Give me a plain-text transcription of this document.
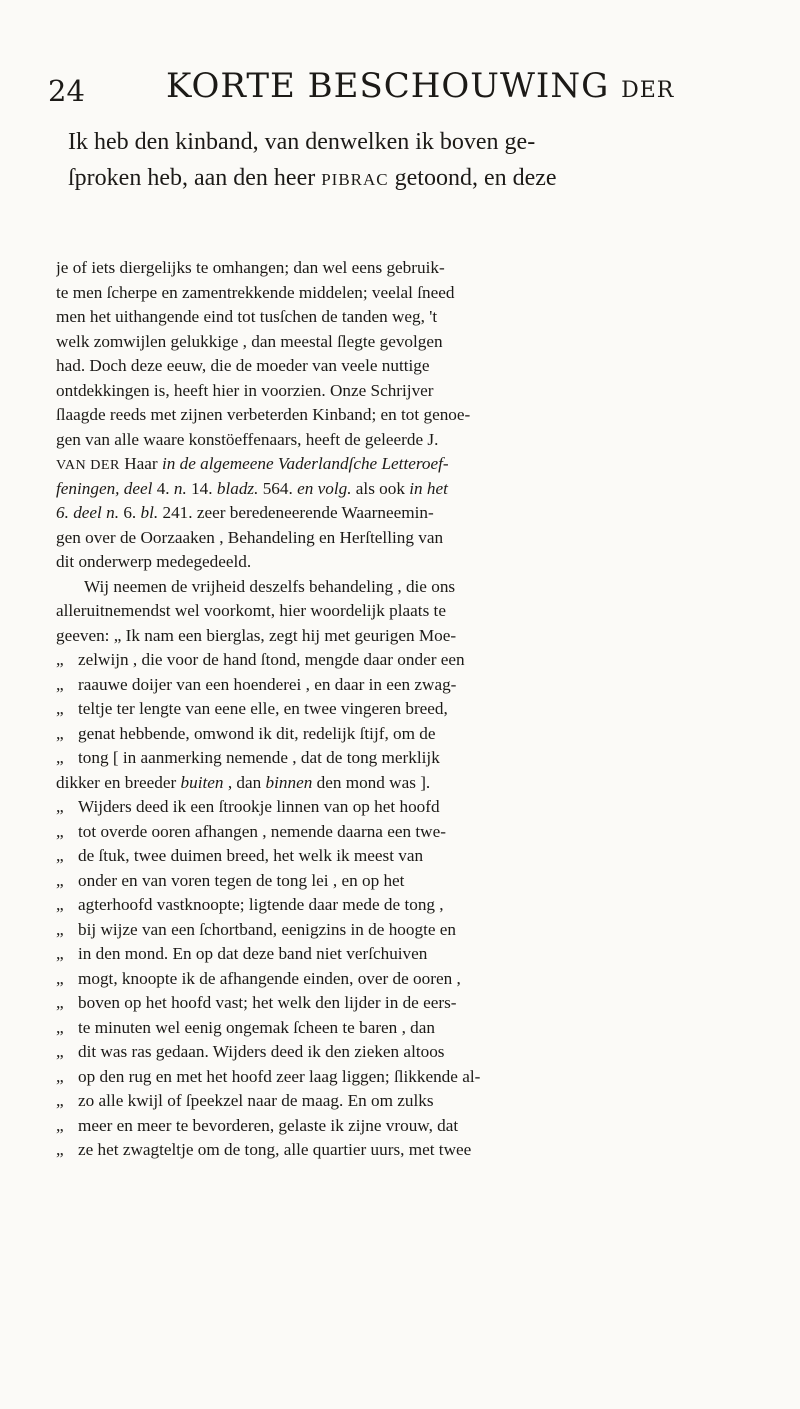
24 KORTE BESCHOUWING DER
Ik heb den kinband, van denwelken ik boven ge-
ſproken heb, aan den heer PIBRAC getoond, en deze
je of iets diergelijks te omhangen; dan wel eens gebruik-
te men ſcherpe en zamentrekkende middelen; veelal ſneed
men het uithangende eind tot tusſchen de tanden weg, 't
welk zomwijlen gelukkige , dan meestal ſlegte gevolgen
had. Doch deze eeuw, die de moeder van veele nuttige
ontdekkingen is, heeft hier in voorzien. Onze Schrijver
ſlaagde reeds met zijnen verbeterden Kinband; en tot genoe-
gen van alle waare konstöeffenaars, heeft de geleerde J.
VAN DER Haar in de algemeene Vaderlandſche Letteroef-
feningen, deel 4. n. 14. bladz. 564. en volg. als ook in het
6. deel n. 6. bl. 241. zeer beredeneerende Waarneemin-
gen over de Oorzaaken , Behandeling en Herſtelling van
dit onderwerp medegedeeld.
Wij neemen de vrijheid deszelfs behandeling , die ons
alleruitnemendst wel voorkomt, hier woordelijk plaats te
geeven: „ Ik nam een bierglas, zegt hij met geurigen Moe-
„ zelwijn , die voor de hand ſtond, mengde daar onder een
„ raauwe doijer van een hoenderei , en daar in een zwag-
„ teltje ter lengte van eene elle, en twee vingeren breed,
„ genat hebbende, omwond ik dit, redelijk ſtijf, om de
„ tong [ in aanmerking nemende , dat de tong merklijk
dikker en breeder buiten , dan binnen den mond was ].
„ Wijders deed ik een ſtrookje linnen van op het hoofd
„ tot overde ooren afhangen , nemende daarna een twe-
„ de ſtuk, twee duimen breed, het welk ik meest van
„ onder en van voren tegen de tong lei , en op het
„ agterhoofd vastknoopte; ligtende daar mede de tong ,
„ bij wijze van een ſchortband, eenigzins in de hoogte en
„ in den mond. En op dat deze band niet verſchuiven
„ mogt, knoopte ik de afhangende einden, over de ooren ,
„ boven op het hoofd vast; het welk den lijder in de eers-
„ te minuten wel eenig ongemak ſcheen te baren , dan
„ dit was ras gedaan. Wijders deed ik den zieken altoos
„ op den rug en met het hoofd zeer laag liggen; ſlikkende al-
„ zo alle kwijl of ſpeekzel naar de maag. En om zulks
„ meer en meer te bevorderen, gelaste ik zijne vrouw, dat
„ ze het zwagteltje om de tong, alle quartier uurs, met twee
